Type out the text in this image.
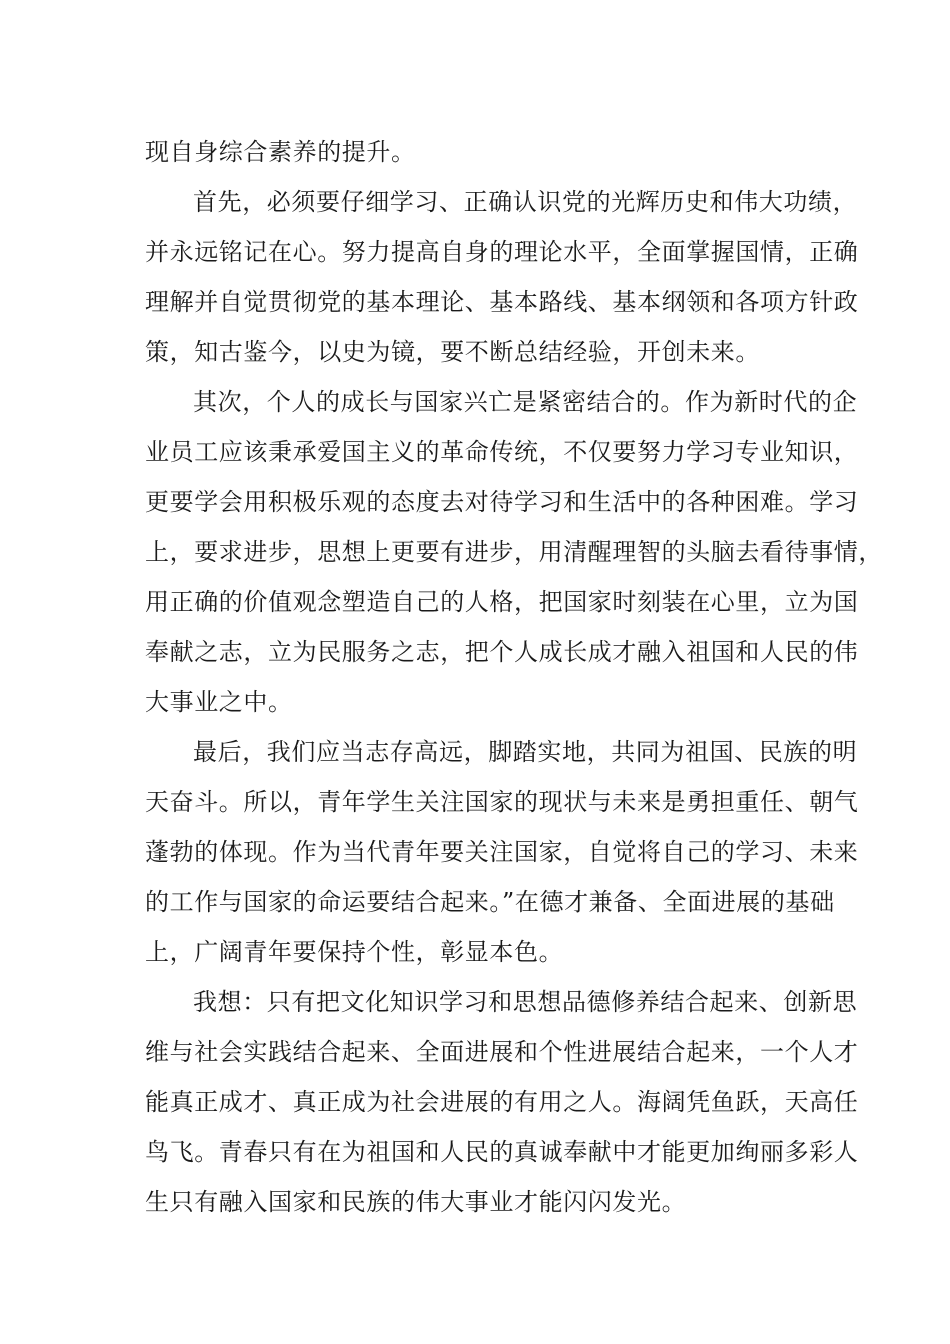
现自身综合素养的提升。
首先，必须要仔细学习、正确认识党的光辉历史和伟大功绩，
并永远铭记在心。努力提高自身的理论水平，全面掌握国情，正确
理解并自觉贯彻党的基本理论、基本路线、基本纲领和各项方针政
策，知古鉴今，以史为镜，要不断总结经验，开创未来。
其次，个人的成长与国家兴亡是紧密结合的。作为新时代的企
业员工应该秉承爱国主义的革命传统，不仅要努力学习专业知识，
更要学会用积极乐观的态度去对待学习和生活中的各种困难。学习
上，要求进步，思想上更要有进步，用清醒理智的头脑去看待事情，
用正确的价值观念塑造自己的人格，把国家时刻装在心里，立为国
奉献之志，立为民服务之志，把个人成长成才融入祖国和人民的伟
大事业之中。
最后，我们应当志存高远，脚踏实地，共同为祖国、民族的明
天奋斗。所以，青年学生关注国家的现状与未来是勇担重任、朝气
蓬勃的体现。作为当代青年要关注国家，自觉将自己的学习、未来
的工作与国家的命运要结合起来。”在德才兼备、全面进展的基础
上，广阔青年要保持个性，彰显本色。
我想：只有把文化知识学习和思想品德修养结合起来、创新思
维与社会实践结合起来、全面进展和个性进展结合起来，一个人才
能真正成才、真正成为社会进展的有用之人。海阔凭鱼跃，天高任
鸟飞。青春只有在为祖国和人民的真诚奉献中才能更加绚丽多彩人
生只有融入国家和民族的伟大事业才能闪闪发光。
